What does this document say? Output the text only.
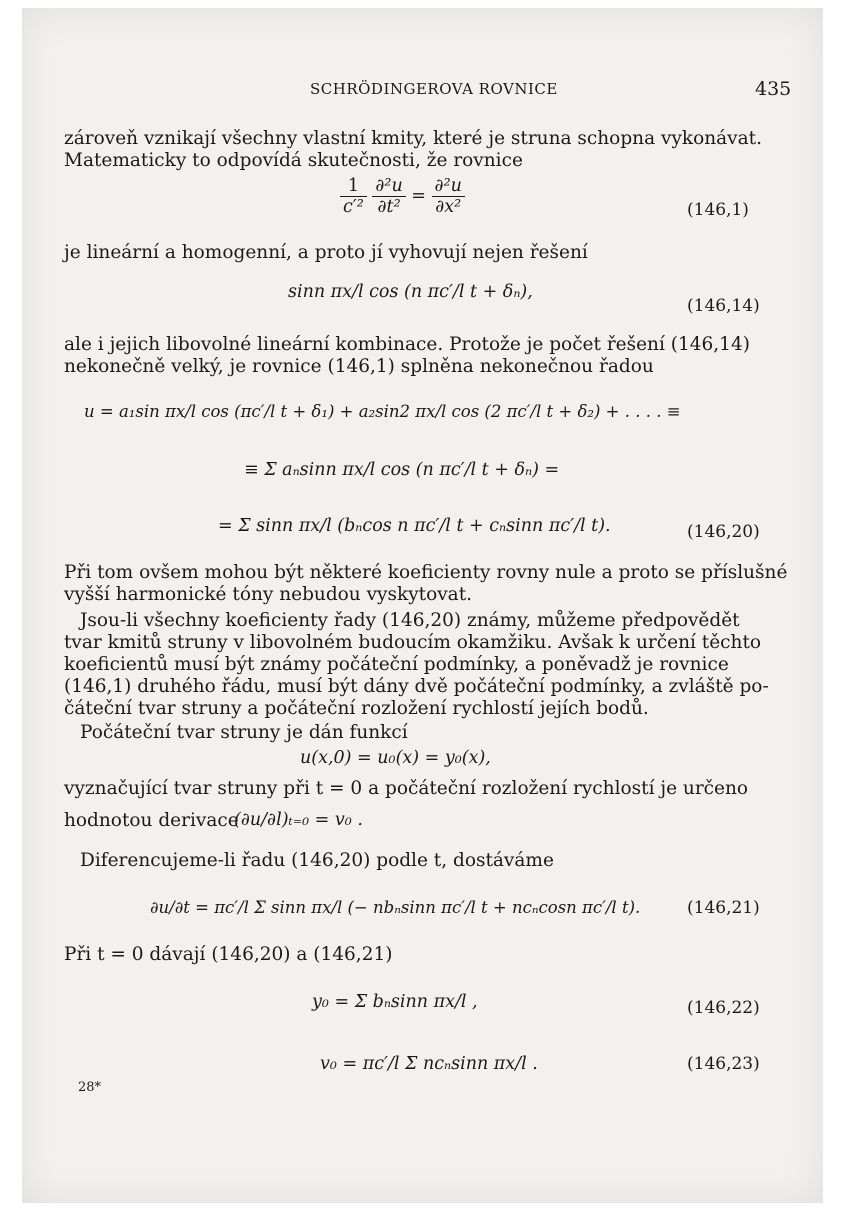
SCHRÖDINGEROVA ROVNICE	435
zároveň vznikají všechny vlastní kmity, které je struna schopna vykonávat.
Matematicky to odpovídá skutečnosti, že rovnice
$\frac{1}{\text{c′²}}$
$\frac{\text{∂²u}}{\text{∂t²}} = \frac{\text{∂²u}}{\text{∂x²}}$	(146,1)
je lineární a homogenní, a proto jí vyhovují nejen řešení
sinn πx/l cos (n πc′/l t + δₙ),
(146,14)
ale i jejich libovolné lineární kombinace. Protože je počet řešení (146,14)
nekonečně velký, je rovnice (146,1) splněna nekonečnou řadou
u = a₁sin πx/l cos (πc′/l t + δ₁) + a₂sin2 πx/l cos (2 πc′/l t + δ₂) + . . . . ≡
≡ Σ aₙsinn πx/l cos (n πc′/l t + δₙ) =
= Σ sinn πx/l (bₙcos n πc′/l t + cₙsinn πc′/l t).	(146,20)
Při tom ovšem mohou být některé koeficienty rovny nule a proto se příslušné
vyšší harmonické tóny nebudou vyskytovat.
Jsou-li všechny koeficienty řady (146,20) známy, můžeme předpovědět
tvar kmitů struny v libovolném budoucím okamžiku. Avšak k určení těchto
koeficientů musí být známy počáteční podmínky, a poněvadž je rovnice
(146,1) druhého řádu, musí být dány dvě počáteční podmínky, a zvláště po-
čáteční tvar struny a počáteční rozložení rychlostí jejích bodů.
Počáteční tvar struny je dán funkcí
u(x,0) = u₀(x) = y₀(x),
vyznačující tvar struny při t = 0 a počáteční rozložení rychlostí je určeno
hodnotou derivace
(∂u/∂l)ₜ₌₀ = v₀ .
Diferencujeme-li řadu (146,20) podle t, dostáváme
∂u/∂t = πc′/l Σ sinn πx/l (− nbₙsinn πc′/l t + ncₙcosn πc′/l t).	(146,21)
Při t = 0 dávají (146,20) a (146,21)
y₀ = Σ bₙsinn πx/l ,	(146,22)
v₀ = πc′/l Σ ncₙsinn πx/l .	(146,23)
28*
